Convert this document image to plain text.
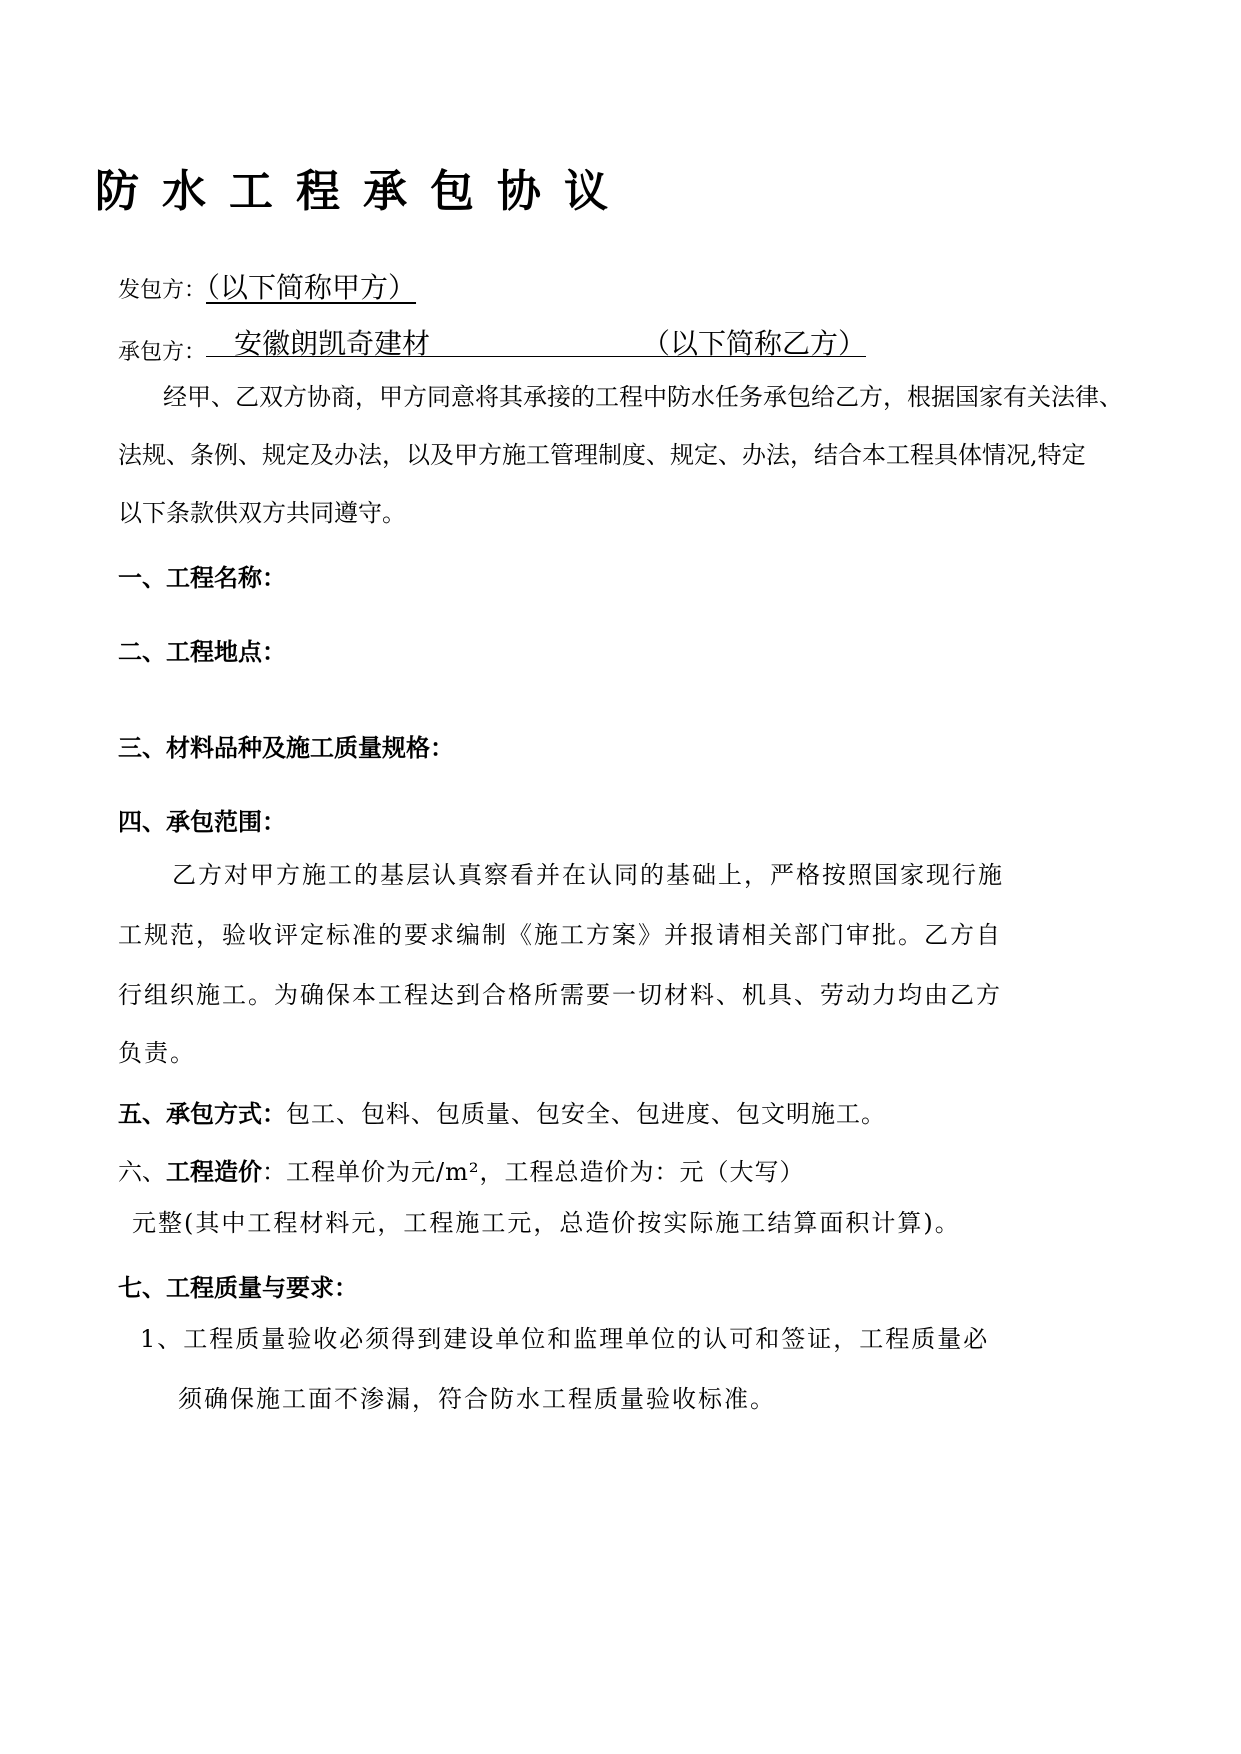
防 水 工 程 承 包 协 议
发包方：（以下简称甲方）
承包方： 安徽朗凯奇建材	（以下简称乙方）
经甲、乙双方协商，甲方同意将其承接的工程中防水任务承包给乙方，根据国家有关法律、
法规、条例、规定及办法，以及甲方施工管理制度、规定、办法，结合本工程具体情况,特定
以下条款供双方共同遵守。
一、工程名称：
二、工程地点：
三、材料品种及施工质量规格：
四、承包范围：
乙方对甲方施工的基层认真察看并在认同的基础上，严格按照国家现行施
工规范，验收评定标准的要求编制《施工方案》并报请相关部门审批。乙方自
行组织施工。为确保本工程达到合格所需要一切材料、机具、劳动力均由乙方
负责。
五、承包方式：包工、包料、包质量、包安全、包进度、包文明施工。
六、工程造价：工程单价为元/m²，工程总造价为：元（大写）
元整(其中工程材料元，工程施工元，总造价按实际施工结算面积计算)。
七、工程质量与要求：
1、工程质量验收必须得到建设单位和监理单位的认可和签证，工程质量必
须确保施工面不渗漏，符合防水工程质量验收标准。
